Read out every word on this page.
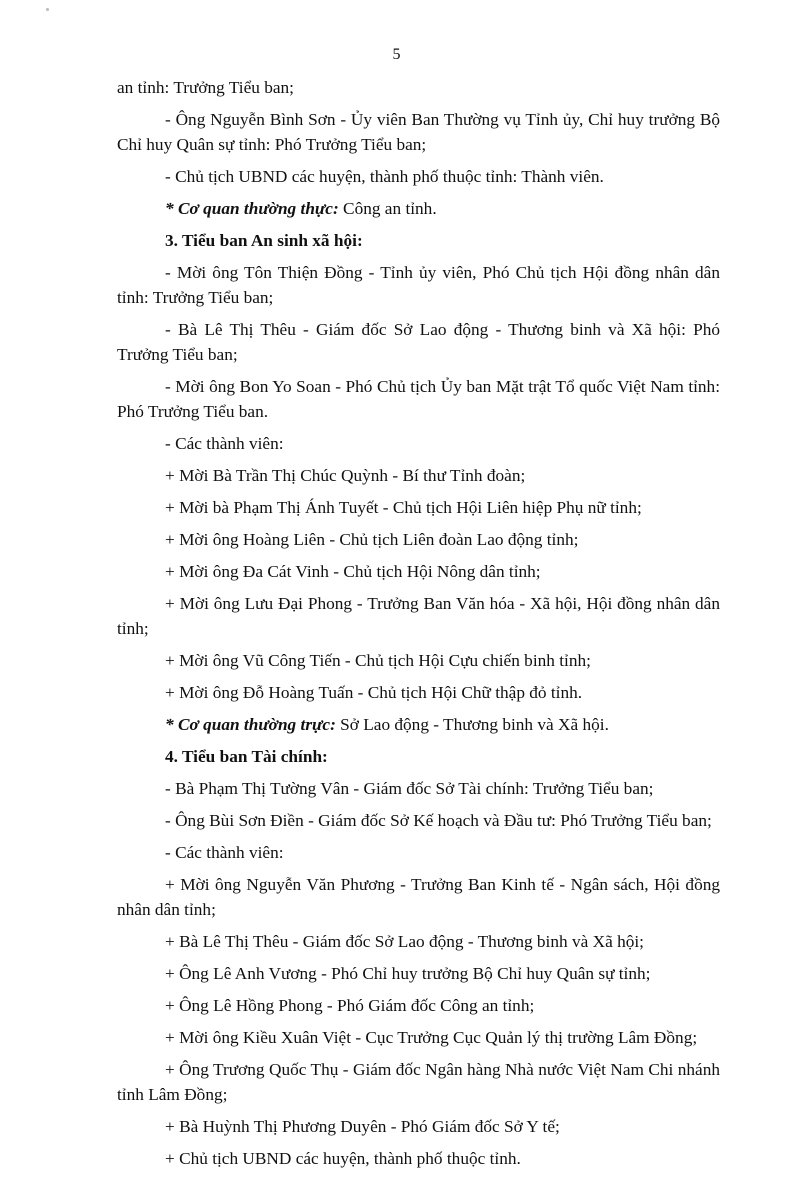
5

an tỉnh: Trưởng Tiểu ban;

- Ông Nguyễn Bình Sơn - Ủy viên Ban Thường vụ Tỉnh ủy, Chỉ huy trưởng Bộ Chỉ huy Quân sự tỉnh: Phó Trưởng Tiểu ban;

- Chủ tịch UBND các huyện, thành phố thuộc tỉnh: Thành viên.

* Cơ quan thường thực: Công an tỉnh.

3. Tiểu ban An sinh xã hội:

- Mời ông Tôn Thiện Đồng - Tỉnh ủy viên, Phó Chủ tịch Hội đồng nhân dân tỉnh: Trưởng Tiểu ban;

- Bà Lê Thị Thêu - Giám đốc Sở Lao động - Thương binh và Xã hội: Phó Trưởng Tiểu ban;

- Mời ông Bon Yo Soan - Phó Chủ tịch Ủy ban Mặt trật Tổ quốc Việt Nam tỉnh: Phó Trưởng Tiểu ban.

- Các thành viên:

+ Mời Bà Trần Thị Chúc Quỳnh - Bí thư Tỉnh đoàn;

+ Mời bà Phạm Thị Ánh Tuyết - Chủ tịch Hội Liên hiệp Phụ nữ tỉnh;

+ Mời ông Hoàng Liên - Chủ tịch Liên đoàn Lao động tỉnh;

+ Mời ông Đa Cát Vinh - Chủ tịch Hội Nông dân tỉnh;

+ Mời ông Lưu Đại Phong - Trưởng Ban Văn hóa - Xã hội, Hội đồng nhân dân tỉnh;

+ Mời ông Vũ Công Tiến - Chủ tịch Hội Cựu chiến binh tỉnh;

+ Mời ông Đỗ Hoàng Tuấn - Chủ tịch Hội Chữ thập đỏ tỉnh.

* Cơ quan thường trực: Sở Lao động - Thương binh và Xã hội.

4. Tiểu ban Tài chính:

- Bà Phạm Thị Tường Vân - Giám đốc Sở Tài chính: Trưởng Tiểu ban;

- Ông Bùi Sơn Điền - Giám đốc Sở Kế hoạch và Đầu tư: Phó Trưởng Tiểu ban;

- Các thành viên:

+ Mời ông Nguyễn Văn Phương - Trưởng Ban Kinh tế - Ngân sách, Hội đồng nhân dân tỉnh;

+ Bà Lê Thị Thêu - Giám đốc Sở Lao động - Thương binh và Xã hội;

+ Ông Lê Anh Vương - Phó Chỉ huy trưởng Bộ Chỉ huy Quân sự tỉnh;

+ Ông Lê Hồng Phong - Phó Giám đốc Công an tỉnh;

+ Mời ông Kiều Xuân Việt - Cục Trưởng Cục Quản lý thị trường Lâm Đồng;

+ Ông Trương Quốc Thụ - Giám đốc Ngân hàng Nhà nước Việt Nam Chi nhánh tỉnh Lâm Đồng;

+ Bà Huỳnh Thị Phương Duyên - Phó Giám đốc Sở Y tế;

+ Chủ tịch UBND các huyện, thành phố thuộc tỉnh.
